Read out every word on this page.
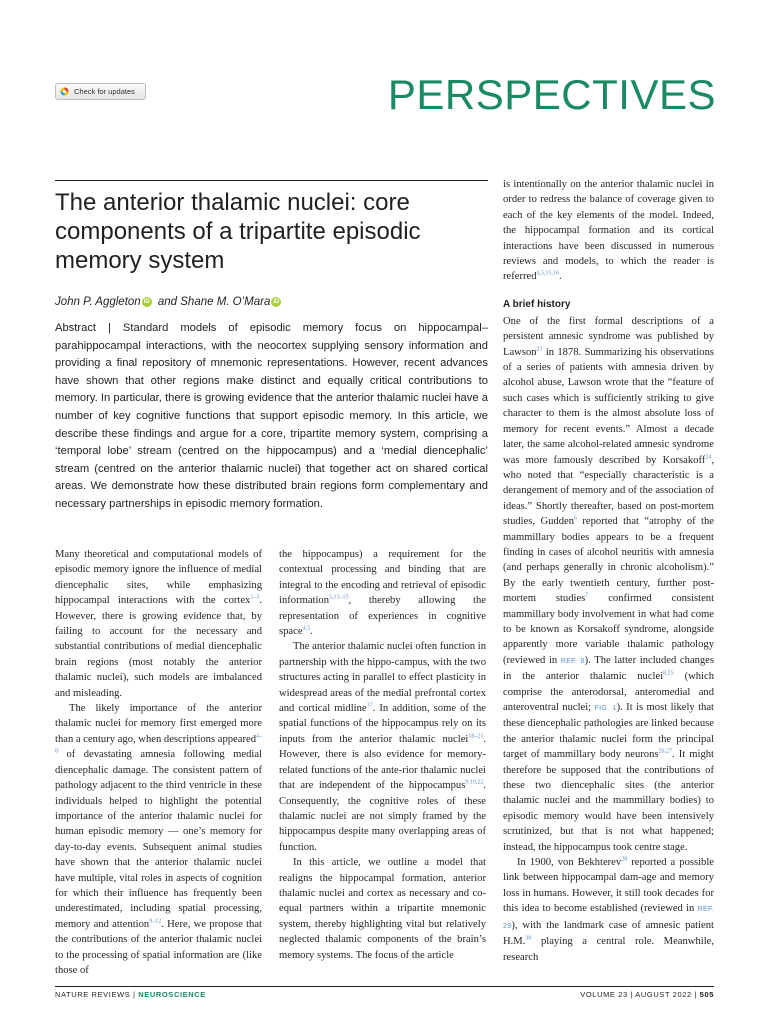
Check for updates	PERSPECTIVES
The anterior thalamic nuclei: core components of a tripartite episodic memory system
John P. Aggleton iD and Shane M. O’Mara iD

Abstract | Standard models of episodic memory focus on hippocampal–parahippocampal interactions, with the neocortex supplying sensory information and providing a final repository of mnemonic representations. However, recent advances have shown that other regions make distinct and equally critical contributions to memory. In particular, there is growing evidence that the anterior thalamic nuclei have a number of key cognitive functions that support episodic memory. In this article, we describe these findings and argue for a core, tripartite memory system, comprising a ‘temporal lobe’ stream (centred on the hippocampus) and a ‘medial diencephalic’ stream (centred on the anterior thalamic nuclei) that together act on shared cortical areas. We demonstrate how these distributed brain regions form complementary and necessary partnerships in episodic memory formation.

Many theoretical and computational models of episodic memory ignore the influence of medial diencephalic sites, while emphasizing hippocampal interactions with the cortex$^{1-3}$. However, there is growing evidence that, by failing to account for the necessary and substantial contributions of medial diencephalic brain regions (most notably the anterior thalamic nuclei), such models are imbalanced and misleading.

The likely importance of the anterior thalamic nuclei for memory first emerged more than a century ago, when descriptions appeared$^{4-8}$ of devastating amnesia following medial diencephalic damage. The consistent pattern of pathology adjacent to the third ventricle in these individuals helped to highlight the potential importance of the anterior thalamic nuclei for human episodic memory — one’s memory for day-to-day events. Subsequent animal studies have shown that the anterior thalamic nuclei have multiple, vital roles in aspects of cognition for which their influence has frequently been underestimated, including spatial processing, memory and attention$^{9-12}$. Here, we propose that the contributions of the anterior thalamic nuclei to the processing of spatial information are (like those of

the hippocampus) a requirement for the contextual processing and binding that are integral to the encoding and retrieval of episodic information$^{5,13-15}$, thereby allowing the representation of experiences in cognitive space$^{4,5}$.

The anterior thalamic nuclei often function in partnership with the hippo-campus, with the two structures acting in parallel to effect plasticity in widespread areas of the medial prefrontal cortex and cortical midline$^{17}$. In addition, some of the spatial functions of the hippocampus rely on its inputs from the anterior thalamic nuclei$^{18-21}$. However, there is also evidence for memory-related functions of the ante-rior thalamic nuclei that are independent of the hippocampus$^{9,10,22}$. Consequently, the cognitive roles of these thalamic nuclei are not simply framed by the hippocampus despite many overlapping areas of function.

In this article, we outline a model that realigns the hippocampal formation, anterior thalamic nuclei and cortex as necessary and co-equal partners within a tripartite mnemonic system, thereby highlighting vital but relatively neglected thalamic components of the brain’s memory systems. The focus of the article

is intentionally on the anterior thalamic nuclei in order to redress the balance of coverage given to each of the key elements of the model. Indeed, the hippocampal formation and its cortical interactions have been discussed in numerous reviews and models, to which the reader is referred$^{4,5,15,16}$.

A brief history

One of the first formal descriptions of a persistent amnesic syndrome was published by Lawson$^{23}$ in 1878. Summarizing his observations of a series of patients with amnesia driven by alcohol abuse, Lawson wrote that the “feature of such cases which is sufficiently striking to give character to them is the almost absolute loss of memory for recent events.” Almost a decade later, the same alcohol-related amnesic syndrome was more famously described by Korsakoff$^{24}$, who noted that “especially characteristic is a derangement of memory and of the association of ideas.” Shortly thereafter, based on post-mortem studies, Gudden$^6$ reported that “atrophy of the mammillary bodies appears to be a frequent finding in cases of alcohol neuritis with amnesia (and perhaps generally in chronic alcoholism).” By the early twentieth century, further post-mortem studies$^7$ confirmed consistent mammillary body involvement in what had come to be known as Korsakoff syndrome, alongside apparently more variable thalamic pathology (reviewed in REF. 8). The latter included changes in the anterior thalamic nuclei$^{8,25}$ (which comprise the anterodorsal, anteromedial and anteroventral nuclei; FIG. 1). It is most likely that these diencephalic pathologies are linked because the anterior thalamic nuclei form the principal target of mammillary body neurons$^{26,27}$. It might therefore be supposed that the contributions of these two diencephalic sites (the anterior thalamic nuclei and the mammillary bodies) to episodic memory would have been intensively scrutinized, but that is not what happened; instead, the hippocampus took centre stage.

In 1900, von Bekhterev$^{28}$ reported a possible link between hippocampal dam-age and memory loss in humans. However, it still took decades for this idea to become established (reviewed in REF. 29), with the landmark case of amnesic patient H.M.$^{30}$ playing a central role. Meanwhile, research

NATURE REVIEWS | NEUROSCIENCE	VOLUME 23 | AUGUST 2022 | 505
